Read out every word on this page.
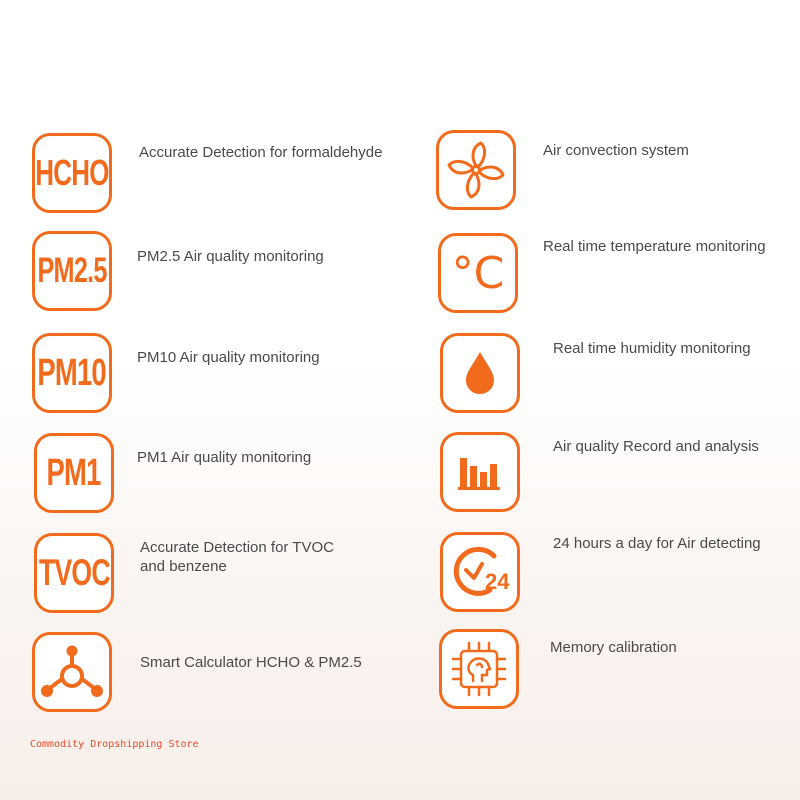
HCHO Accurate Detection for formaldehyde
PM2.5 PM2.5 Air quality monitoring
PM10 PM10 Air quality monitoring
PM1 PM1 Air quality monitoring
TVOC
Accurate Detection for TVOC
and benzene
Smart Calculator HCHO & PM2.5
Air convection system
°C
Real time temperature monitoring
Real time humidity monitoring
Air quality Record and analysis
24
24 hours a day for Air detecting
Memory calibration
Commodity Dropshipping Store
